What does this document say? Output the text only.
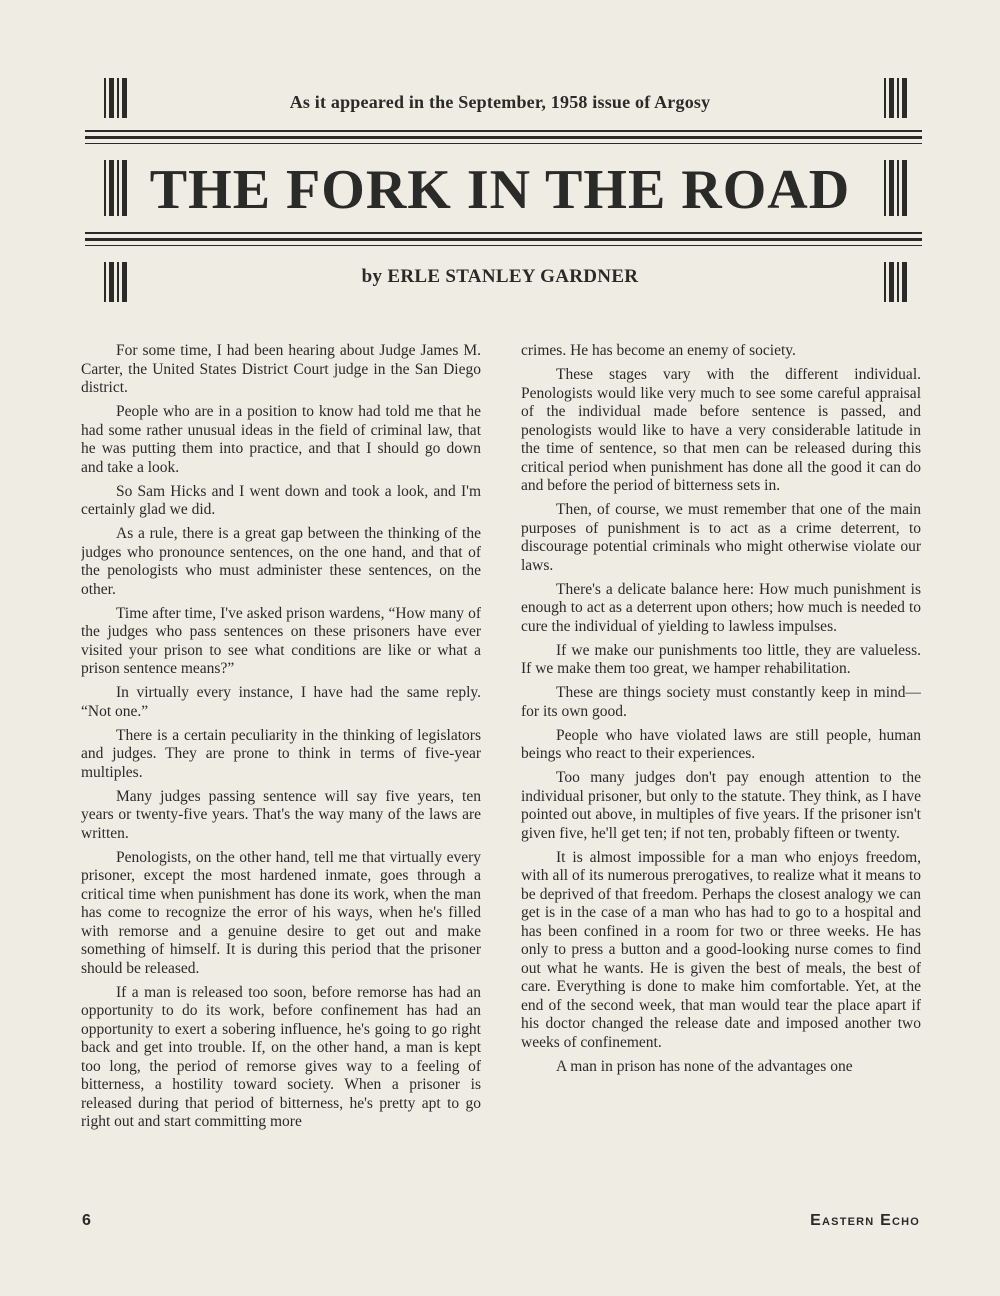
As it appeared in the September, 1958 issue of Argosy
THE FORK IN THE ROAD
by ERLE STANLEY GARDNER

For some time, I had been hearing about Judge James M. Carter, the United States District Court judge in the San Diego district.

People who are in a position to know had told me that he had some rather unusual ideas in the field of criminal law, that he was putting them into practice, and that I should go down and take a look.

So Sam Hicks and I went down and took a look, and I'm certainly glad we did.

As a rule, there is a great gap between the thinking of the judges who pronounce sentences, on the one hand, and that of the penologists who must administer these sentences, on the other.

Time after time, I've asked prison wardens, “How many of the judges who pass sentences on these prisoners have ever visited your prison to see what conditions are like or what a prison sentence means?”

In virtually every instance, I have had the same reply. “Not one.”

There is a certain peculiarity in the thinking of legislators and judges. They are prone to think in terms of five-year multiples.

Many judges passing sentence will say five years, ten years or twenty-five years. That's the way many of the laws are written.

Penologists, on the other hand, tell me that virtually every prisoner, except the most hardened inmate, goes through a critical time when punishment has done its work, when the man has come to recognize the error of his ways, when he's filled with remorse and a genuine desire to get out and make something of himself. It is during this period that the prisoner should be released.

If a man is released too soon, before remorse has had an opportunity to do its work, before confinement has had an opportunity to exert a sobering influence, he's going to go right back and get into trouble. If, on the other hand, a man is kept too long, the period of remorse gives way to a feeling of bitterness, a hostility toward society. When a prisoner is released during that period of bitterness, he's pretty apt to go right out and start committing more

crimes. He has become an enemy of society.

These stages vary with the different individual. Penologists would like very much to see some careful appraisal of the individual made before sentence is passed, and penologists would like to have a very considerable latitude in the time of sentence, so that men can be released during this critical period when punishment has done all the good it can do and before the period of bitterness sets in.

Then, of course, we must remember that one of the main purposes of punishment is to act as a crime deterrent, to discourage potential criminals who might otherwise violate our laws.

There's a delicate balance here: How much punishment is enough to act as a deterrent upon others; how much is needed to cure the individual of yielding to lawless impulses.

If we make our punishments too little, they are valueless. If we make them too great, we hamper rehabilitation.

These are things society must constantly keep in mind—for its own good.

People who have violated laws are still people, human beings who react to their experiences.

Too many judges don't pay enough attention to the individual prisoner, but only to the statute. They think, as I have pointed out above, in multiples of five years. If the prisoner isn't given five, he'll get ten; if not ten, probably fifteen or twenty.

It is almost impossible for a man who enjoys freedom, with all of its numerous prerogatives, to realize what it means to be deprived of that freedom. Perhaps the closest analogy we can get is in the case of a man who has had to go to a hospital and has been confined in a room for two or three weeks. He has only to press a button and a good-looking nurse comes to find out what he wants. He is given the best of meals, the best of care. Everything is done to make him comfortable. Yet, at the end of the second week, that man would tear the place apart if his doctor changed the release date and imposed another two weeks of confinement.

A man in prison has none of the advantages one

6	Eastern Echo
